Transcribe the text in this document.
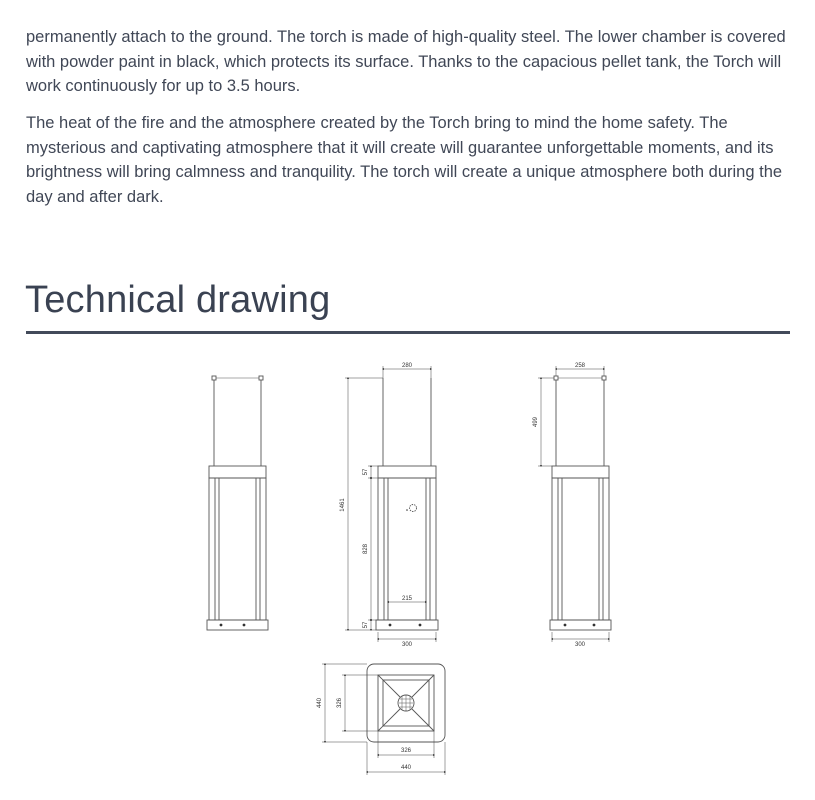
permanently attach to the ground. The torch is made of high-quality steel. The lower chamber is covered with powder paint in black, which protects its surface. Thanks to the capacious pellet tank, the Torch will work continuously for up to 3.5 hours.

The heat of the fire and the atmosphere created by the Torch bring to mind the home safety. The mysterious and captivating atmosphere that it will create will guarantee unforgettable moments, and its brightness will bring calmness and tranquility. The torch will create a unique atmosphere both during the day and after dark.

Technical drawing
280
1461
57
828
57
215
300
258
499
300
440 326
326
440
